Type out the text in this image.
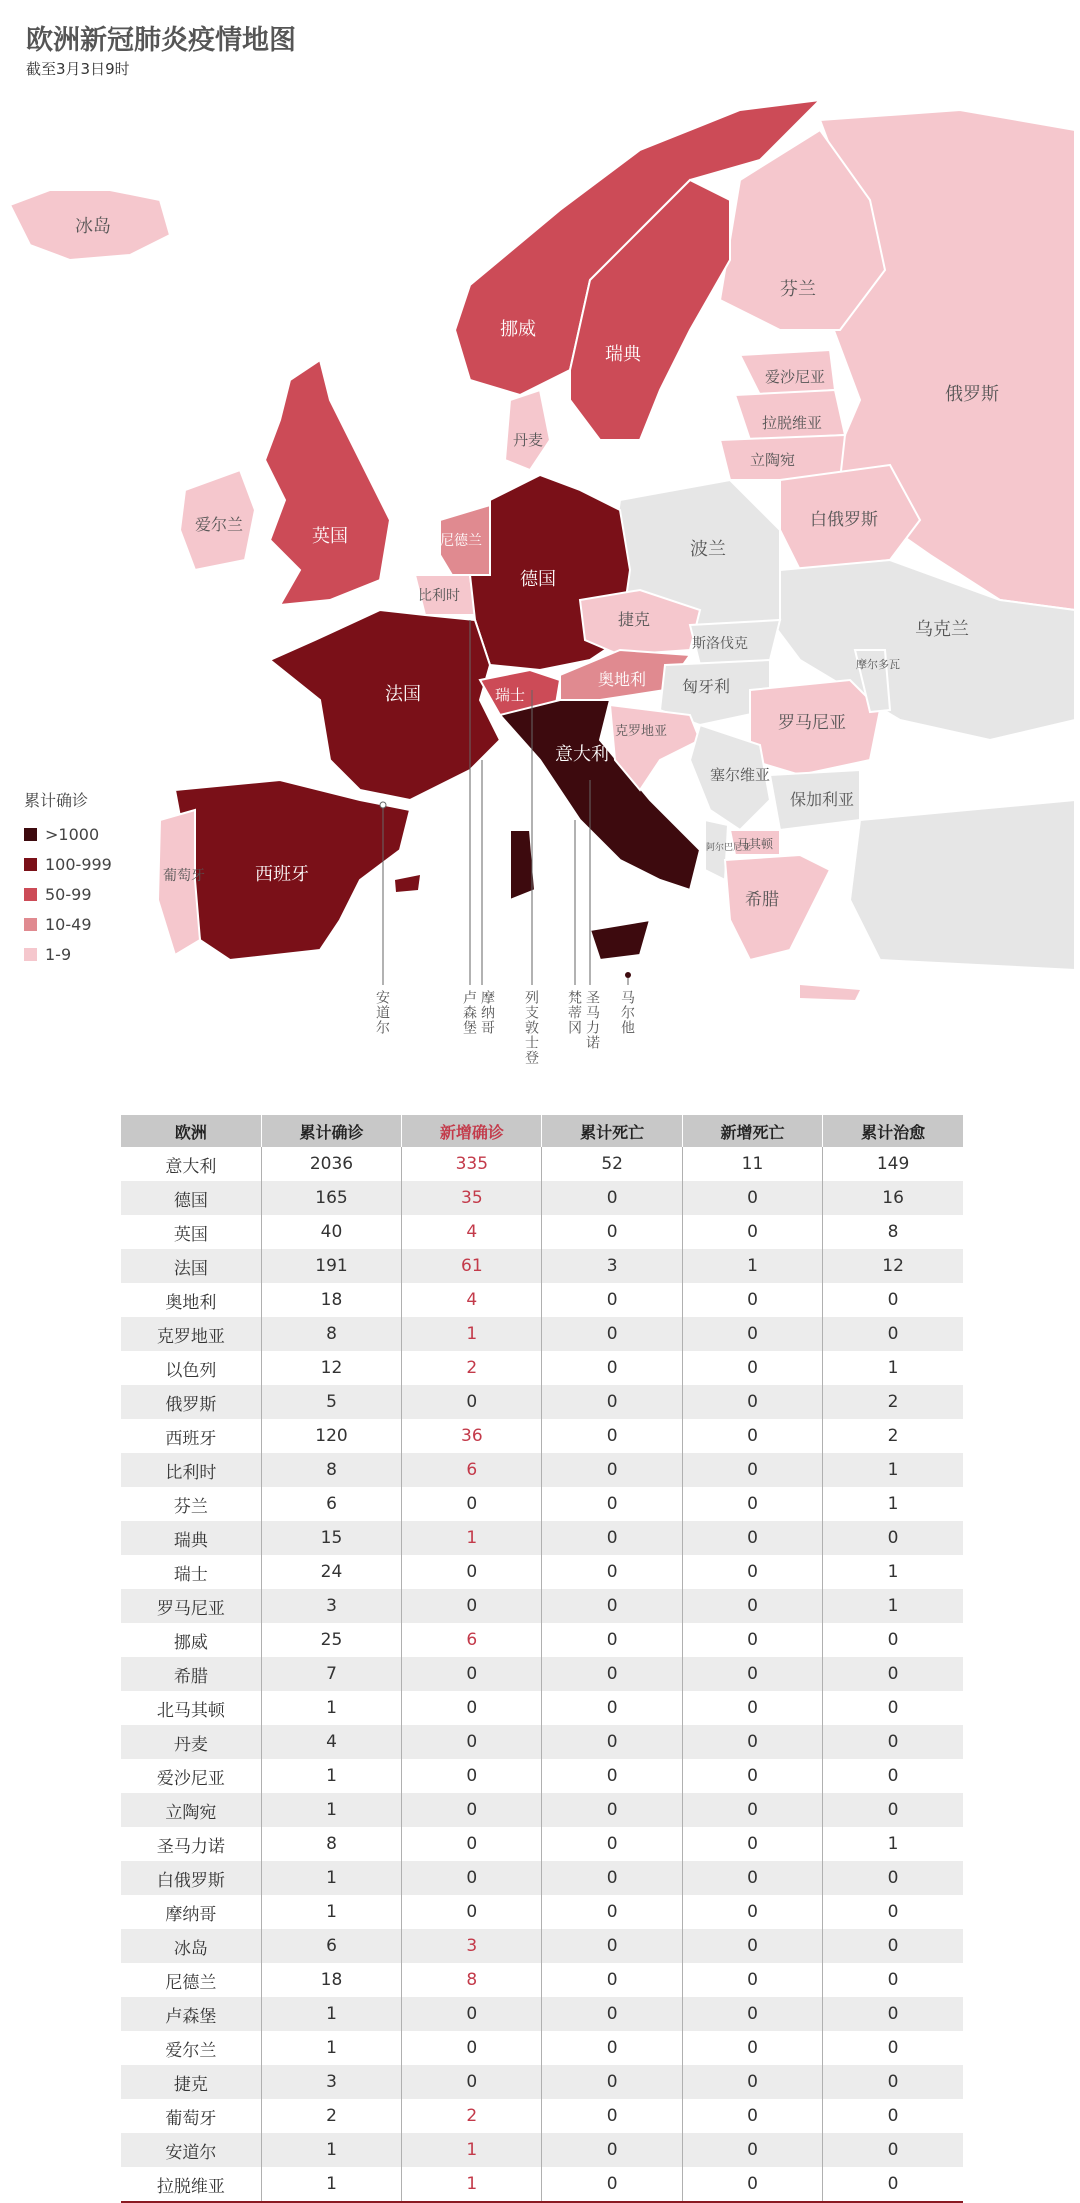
欧洲新冠肺炎疫情地图
截至3月3日9时
冰岛
挪威
瑞典
芬兰
俄罗斯
爱沙尼亚
拉脱维亚
立陶宛
白俄罗斯
丹麦
爱尔兰
英国	尼德兰
比利时
德国
波兰
乌克兰
捷克
斯洛伐克
奥地利 匈牙利
瑞士
法国
摩尔多瓦
罗马尼亚
克罗地亚
塞尔维亚
保加利亚
意大利
马其顿
阿尔巴尼亚
希腊
西班牙
葡萄牙
安道尔	卢森堡 摩纳哥 列支敦士登 梵蒂冈 圣马力诺 马尔他
累计确诊
>1000
100-999
50-99
10-49
1-9
欧洲	累计确诊	新增确诊	累计死亡	新增死亡	累计治愈
意大利	2036	335	52	11	149
德国	165	35	0	0	16
英国	40	4	0	0	8
法国	191	61	3	1	12
奥地利	18	4	0	0	0
克罗地亚	8	1	0	0	0
以色列	12	2	0	0	1
俄罗斯	5	0	0	0	2
西班牙	120	36	0	0	2
比利时	8	6	0	0	1
芬兰	6	0	0	0	1
瑞典	15	1	0	0	0
瑞士	24	0	0	0	1
罗马尼亚	3	0	0	0	1
挪威	25	6	0	0	0
希腊	7	0	0	0	0
北马其顿	1	0	0	0	0
丹麦	4	0	0	0	0
爱沙尼亚	1	0	0	0	0
立陶宛	1	0	0	0	0
圣马力诺	8	0	0	0	1
白俄罗斯	1	0	0	0	0
摩纳哥	1	0	0	0	0
冰岛	6	3	0	0	0
尼德兰	18	8	0	0	0
卢森堡	1	0	0	0	0
爱尔兰	1	0	0	0	0
捷克	3	0	0	0	0
葡萄牙	2	2	0	0	0
安道尔	1	1	0	0	0
拉脱维亚	1	1	0	0	0
